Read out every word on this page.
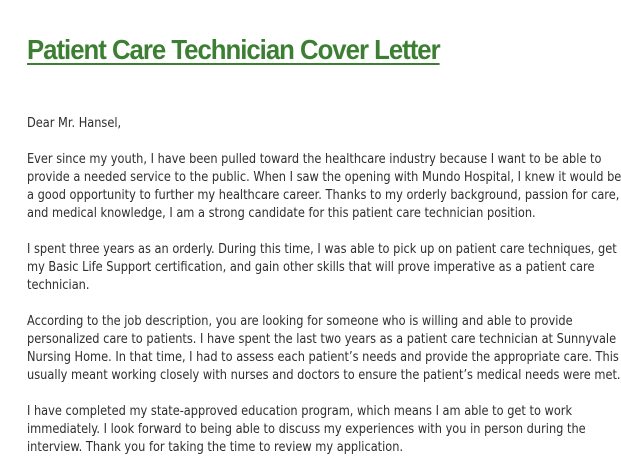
Patient Care Technician Cover Letter

Dear Mr. Hansel,

Ever since my youth, I have been pulled toward the healthcare industry because I want to be able to
provide a needed service to the public. When I saw the opening with Mundo Hospital, I knew it would be
a good opportunity to further my healthcare career. Thanks to my orderly background, passion for care,
and medical knowledge, I am a strong candidate for this patient care technician position.

I spent three years as an orderly. During this time, I was able to pick up on patient care techniques, get
my Basic Life Support certification, and gain other skills that will prove imperative as a patient care
technician.

According to the job description, you are looking for someone who is willing and able to provide
personalized care to patients. I have spent the last two years as a patient care technician at Sunnyvale
Nursing Home. In that time, I had to assess each patient’s needs and provide the appropriate care. This
usually meant working closely with nurses and doctors to ensure the patient’s medical needs were met.

I have completed my state-approved education program, which means I am able to get to work
immediately. I look forward to being able to discuss my experiences with you in person during the
interview. Thank you for taking the time to review my application.
